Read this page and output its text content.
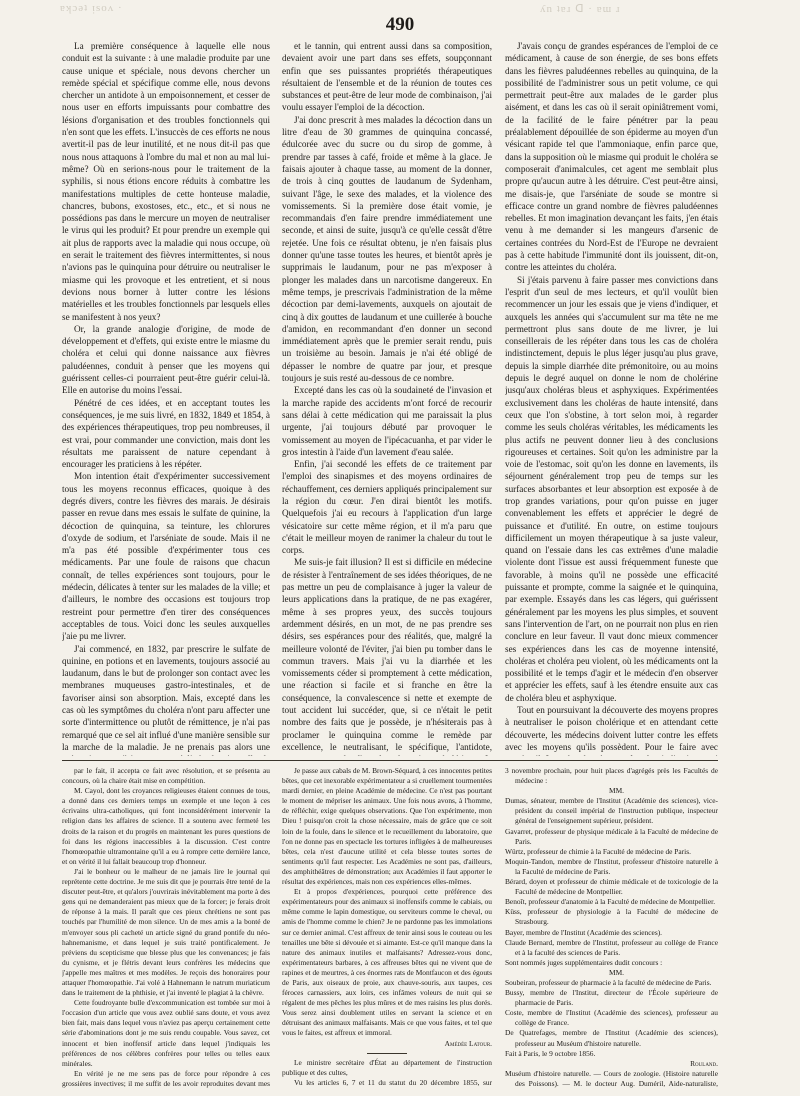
ɐʞɔǝʇ ᴉsoʌ ·	ʎn ʇɐɹ ᗡ · ɐɯ ɹ
490

La première conséquence à laquelle elle nous conduit est la suivante : à une maladie produite par une cause unique et spéciale, nous devons chercher un remède spécial et spécifique comme elle, nous devons chercher un antidote à un empoisonnement, et cesser de nous user en efforts impuissants pour combattre des lésions d'organisation et des troubles fonctionnels qui n'en sont que les effets. L'insuccès de ces efforts ne nous avertit-il pas de leur inutilité, et ne nous dit-il pas que nous nous attaquons à l'ombre du mal et non au mal lui-même? Où en serions-nous pour le traitement de la syphilis, si nous étions encore réduits à combattre les manifestations multiples de cette honteuse maladie, chancres, bubons, exostoses, etc., etc., et si nous ne possédions pas dans le mercure un moyen de neutraliser le virus qui les produit? Et pour prendre un exemple qui ait plus de rapports avec la maladie qui nous occupe, où en serait le traitement des fièvres intermittentes, si nous n'avions pas le quinquina pour détruire ou neutraliser le miasme qui les provoque et les entretient, et si nous devions nous borner à lutter contre les lésions matérielles et les troubles fonctionnels par lesquels elles se manifestent à nos yeux?

Or, la grande analogie d'origine, de mode de développement et d'effets, qui existe entre le miasme du choléra et celui qui donne naissance aux fièvres paludéennes, conduit à penser que les moyens qui guérissent celles-ci pourraient peut-être guérir celui-là. Elle en autorise du moins l'essai.

Pénétré de ces idées, et en acceptant toutes les conséquences, je me suis livré, en 1832, 1849 et 1854, à des expériences thérapeutiques, trop peu nombreuses, il est vrai, pour commander une conviction, mais dont les résultats me paraissent de nature cependant à encourager les praticiens à les répéter.

Mon intention était d'expérimenter successivement tous les moyens reconnus efficaces, quoique à des degrés divers, contre les fièvres des marais. Je désirais passer en revue dans mes essais le sulfate de quinine, la décoction de quinquina, sa teinture, les chlorures d'oxyde de sodium, et l'arséniate de soude. Mais il ne m'a pas été possible d'expérimenter tous ces médicaments. Par une foule de raisons que chacun connaît, de telles expériences sont toujours, pour le médecin, délicates à tenter sur les malades de la ville; et d'ailleurs, le nombre des occasions est toujours trop restreint pour permettre d'en tirer des conséquences acceptables de tous. Voici donc les seules auxquelles j'aie pu me livrer.

J'ai commencé, en 1832, par prescrire le sulfate de quinine, en potions et en lavements, toujours associé au laudanum, dans le but de prolonger son contact avec les membranes muqueuses gastro-intestinales, et de favoriser ainsi son absorption. Mais, excepté dans les cas où les symptômes du choléra n'ont paru affecter une sorte d'intermittence ou plutôt de rémittence, je n'ai pas remarqué que ce sel ait influé d'une manière sensible sur la marche de la maladie. Je ne prenais pas alors une

et le tannin, qui entrent aussi dans sa composition, devaient avoir une part dans ses effets, soupçonnant enfin que ses puissantes propriétés thérapeutiques résultaient de l'ensemble et de la réunion de toutes ces substances et peut-être de leur mode de combinaison, j'ai voulu essayer l'emploi de la décoction.

J'ai donc prescrit à mes malades la décoction dans un litre d'eau de 30 grammes de quinquina concassé, édulcorée avec du sucre ou du sirop de gomme, à prendre par tasses à café, froide et même à la glace. Je faisais ajouter à chaque tasse, au moment de la donner, de trois à cinq gouttes de laudanum de Sydenham, suivant l'âge, le sexe des malades, et la violence des vomissements. Si la première dose était vomie, je recommandais d'en faire prendre immédiatement une seconde, et ainsi de suite, jusqu'à ce qu'elle cessât d'être rejetée. Une fois ce résultat obtenu, je n'en faisais plus donner qu'une tasse toutes les heures, et bientôt après je supprimais le laudanum, pour ne pas m'exposer à plonger les malades dans un narcotisme dangereux. En même temps, je prescrivais l'administration de la même décoction par demi-lavements, auxquels on ajoutait de cinq à dix gouttes de laudanum et une cuillerée à bouche d'amidon, en recommandant d'en donner un second immédiatement après que le premier serait rendu, puis un troisième au besoin. Jamais je n'ai été obligé de dépasser le nombre de quatre par jour, et presque toujours je suis resté au-dessous de ce nombre.

Excepté dans les cas où la soudaineté de l'invasion et la marche rapide des accidents m'ont forcé de recourir sans délai à cette médication qui me paraissait la plus urgente, j'ai toujours débuté par provoquer le vomissement au moyen de l'ipécacuanha, et par vider le gros intestin à l'aide d'un lavement d'eau salée.

Enfin, j'ai secondé les effets de ce traitement par l'emploi des sinapismes et des moyens ordinaires de réchauffement, ces derniers appliqués principalement sur la région du cœur. J'en dirai bientôt les motifs. Quelquefois j'ai eu recours à l'application d'un large vésicatoire sur cette même région, et il m'a paru que c'était le meilleur moyen de ranimer la chaleur du tout le corps.

Me suis-je fait illusion? Il est si difficile en médecine de résister à l'entraînement de ses idées théoriques, de ne pas mettre un peu de complaisance à juger la valeur de leurs applications dans la pratique, de ne pas exagérer, même à ses propres yeux, des succès toujours ardemment désirés, en un mot, de ne pas prendre ses désirs, ses espérances pour des réalités, que, malgré la meilleure volonté de l'éviter, j'ai bien pu tomber dans le commun travers. Mais j'ai vu la diarrhée et les vomissements céder si promptement à cette médication, une réaction si facile et si franche en être la conséquence, la convalescence si nette et exempte de tout accident lui succéder, que, si ce n'était le petit nombre des faits que je possède, je n'hésiterais pas à proclamer le quinquina comme le remède par excellence, le neutralisant, le spécifique, l'antidote,

J'avais conçu de grandes espérances de l'emploi de ce médicament, à cause de son énergie, de ses bons effets dans les fièvres paludéennes rebelles au quinquina, de la possibilité de l'administrer sous un petit volume, ce qui permettrait peut-être aux malades de le garder plus aisément, et dans les cas où il serait opiniâtrement vomi, de la facilité de le faire pénétrer par la peau préalablement dépouillée de son épiderme au moyen d'un vésicant rapide tel que l'ammoniaque, enfin parce que, dans la supposition où le miasme qui produit le choléra se composerait d'animalcules, cet agent me semblait plus propre qu'aucun autre à les détruire. C'est peut-être ainsi, me disais-je, que l'arséniate de soude se montre si efficace contre un grand nombre de fièvres paludéennes rebelles. Et mon imagination devançant les faits, j'en étais venu à me demander si les mangeurs d'arsenic de certaines contrées du Nord-Est de l'Europe ne devraient pas à cette habitude l'immunité dont ils jouissent, dit-on, contre les atteintes du choléra.

Si j'étais parvenu à faire passer mes convictions dans l'esprit d'un seul de mes lecteurs, et qu'il voulût bien recommencer un jour les essais que je viens d'indiquer, et auxquels les années qui s'accumulent sur ma tête ne me permettront plus sans doute de me livrer, je lui conseillerais de les répéter dans tous les cas de choléra indistinctement, depuis le plus léger jusqu'au plus grave, depuis la simple diarrhée dite prémonitoire, ou au moins depuis le degré auquel on donne le nom de cholérine jusqu'aux choléras bleus et asphyxiques. Expérimentées exclusivement dans les choléras de haute intensité, dans ceux que l'on s'obstine, à tort selon moi, à regarder comme les seuls choléras véritables, les médicaments les plus actifs ne peuvent donner lieu à des conclusions rigoureuses et certaines. Soit qu'on les administre par la voie de l'estomac, soit qu'on les donne en lavements, ils séjournent généralement trop peu de temps sur les surfaces absorbantes et leur absorption est exposée à de trop grandes variations, pour qu'on puisse en juger convenablement les effets et apprécier le degré de puissance et d'utilité. En outre, on estime toujours difficilement un moyen thérapeutique à sa juste valeur, quand on l'essaie dans les cas extrêmes d'une maladie violente dont l'issue est aussi fréquemment funeste que favorable, à moins qu'il ne possède une efficacité puissante et prompte, comme la saignée et le quinquina, par exemple. Essayés dans les cas légers, qui guérissent généralement par les moyens les plus simples, et souvent sans l'intervention de l'art, on ne pourrait non plus en rien conclure en leur faveur. Il vaut donc mieux commencer ses expériences dans les cas de moyenne intensité, choléras et choléra peu violent, où les médicaments ont la possibilité et le temps d'agir et le médecin d'en observer et apprécier les effets, sauf à les étendre ensuite aux cas de choléra bleu et asphyxique.

Tout en poursuivant la découverte des moyens propres à neutraliser le poison cholérique et en attendant cette découverte, les médecins doivent lutter contre les effets avec les moyens qu'ils possèdent. Pour le faire avec

par le fait, il accepta ce fait avec résolution, et se présenta au concours, où la chaire était mise en compétition.

M. Cayol, dont les croyances religieuses étaient connues de tous, a donné dans ces derniers temps un exemple et une leçon à ces écrivains ultra-catholiques, qui font inconsidérément intervenir la religion dans les affaires de science. Il a soutenu avec fermeté les droits de la raison et du progrès en maintenant les pures questions de foi dans les régions inaccessibles à la discussion. C'est contre l'homœopathie ultramontaine qu'il a eu à rompre cette dernière lance, et on vérité il lui fallait beaucoup trop d'honneur.

J'ai le bonheur ou le malheur de ne jamais lire le journal qui reprétente cette doctrine. Je me suis dit que je pourrais être tenté de la discuter peut-être, et qu'alors j'ouvrirais inévitablement ma porte à des gens qui ne demanderaient pas mieux que de la forcer; je ferais droit de réponse à la mais. Il paraît que ces pieux chrétiens ne sont pas touchés par l'humilité de mon silence. Un de mes amis a la bonté de m'envoyer sous pli cacheté un article signé du grand pontife du néo-hahnemanisme, et dans lequel je suis traité pontificalement. Je préviens du scepticisme que blesse plus que les convenances; je fais du cynisme, et je flétris devant leurs confrères les médecins que j'appelle mes maîtres et mes modèles. Je reçois des honoraires pour attaquer l'homœopathie. J'ai volé à Hahnemann le natrum muriaticum dans le traitement de la phthisie, et j'ai inventé le plagiat à la chèvre.

Cette foudroyante bulle d'excommunication est tombée sur moi à l'occasion d'un article que vous avez oublié sans doute, et vous avez bien fait, mais dans lequel vous n'aviez pas aperçu certainement cette série d'abominations dont je me suis rendu coupable. Vous savez, cet innocent et bien inoffensif article dans lequel j'indiquais les préférences de nos célèbres confrères pour telles ou telles eaux minérales.

En vérité je ne me sens pas de force pour répondre à ces grossières invectives; il me suffit de les avoir reproduites devant mes

Je passe aux cabals de M. Brown-Séquard, à ces innocentes petites bêtes, que cet inexorable expérimentateur a si cruellement tourmentées mardi dernier, en pleine Académie de médecine. Ce n'est pas pourtant le moment de mépriser les animaux. Une fois nous avons, à l'homme, de réfléchir, exige quelques observations. Que l'on expérimente, mon Dieu ! puisqu'on croit la chose nécessaire, mais de grâce que ce soit loin de la foule, dans le silence et le recueillement du laboratoire, que l'on ne donne pas en spectacle les tortures infligées à de malheureuses bêtes, cela n'est d'aucune utilité et cela blesse toutes sortes de sentiments qu'il faut respecter. Les Académies ne sont pas, d'ailleurs, des amphithéâtres de démonstration; aux Académies il faut apporter le résultat des expériences, mais non ces expériences elles-mêmes.

Et à propos d'expériences, pourquoi cette préférence des expérimentateurs pour des animaux si inoffensifs comme le cabiais, ou même comme le lapin domestique, ou serviteurs comme le cheval, ou amis de l'homme comme le chien? Je ne pardonne pas les immolations sur ce dernier animal. C'est affreux de tenir ainsi sous le couteau ou les tenailles une bête si dévouée et si aimante. Est-ce qu'il manque dans la nature des animaux inutiles et malfaisants? Adressez-vous donc, expérimentateurs barbares, à ces affreuses bêtes qui ne vivent que de rapines et de meurtres, à ces énormes rats de Montfaucon et des égouts de Paris, aux oiseaux de proie, aux chauve-souris, aux taupes, ces féroces carnassiers, aux loirs, ces infâmes voleurs de nuit qui se régalent de mes pêches les plus mûres et de mes raisins les plus dorés. Vous serez ainsi doublement utiles en servant la science et en détruisant des animaux malfaisants. Mais ce que vous faites, et tel que vous le faites, est affreux et immoral.

Amédée Latour.

Le ministre secrétaire d'État au département de l'instruction publique et des cultes,

Vu les articles 6, 7 et 11 du statut du 20 décembre 1855, sur

3 novembre prochain, pour huit places d'agrégés près les Facultés de médecine :

MM.

Dumas, sénateur, membre de l'Institut (Académie des sciences), vice-président du conseil impérial de l'instruction publique, inspecteur général de l'enseignement supérieur, président.

Gavarret, professeur de physique médicale à la Faculté de médecine de Paris.

Würtz, professeur de chimie à la Faculté de médecine de Paris.

Moquin-Tandon, membre de l'Institut, professeur d'histoire naturelle à la Faculté de médecine de Paris.

Bérard, doyen et professeur de chimie médicale et de toxicologie de la Faculté de médecine de Montpellier.

Benoît, professeur d'anatomie à la Faculté de médecine de Montpellier.

Küss, professeur de physiologie à la Faculté de médecine de Strasbourg.

Bayer, membre de l'Institut (Académie des sciences).

Claude Bernard, membre de l'Institut, professeur au collège de France et à la faculté des sciences de Paris.

Sont nommés juges supplémentaires dudit concours :

MM.

Soubeiran, professeur de pharmacie à la faculté de médecine de Paris.

Bussy, membre de l'Institut, directeur de l'École supérieure de pharmacie de Paris.

Coste, membre de l'Institut (Académie des sciences), professeur au collège de France.

De Quatrefages, membre de l'Institut (Académie des sciences), professeur au Muséum d'histoire naturelle.

Fait à Paris, le 9 octobre 1856.

Rouland.

Muséum d'histoire naturelle. — Cours de zoologie. (Histoire naturelle des Poissons). — M. le docteur Aug. Duméril, Aide-naturaliste,
